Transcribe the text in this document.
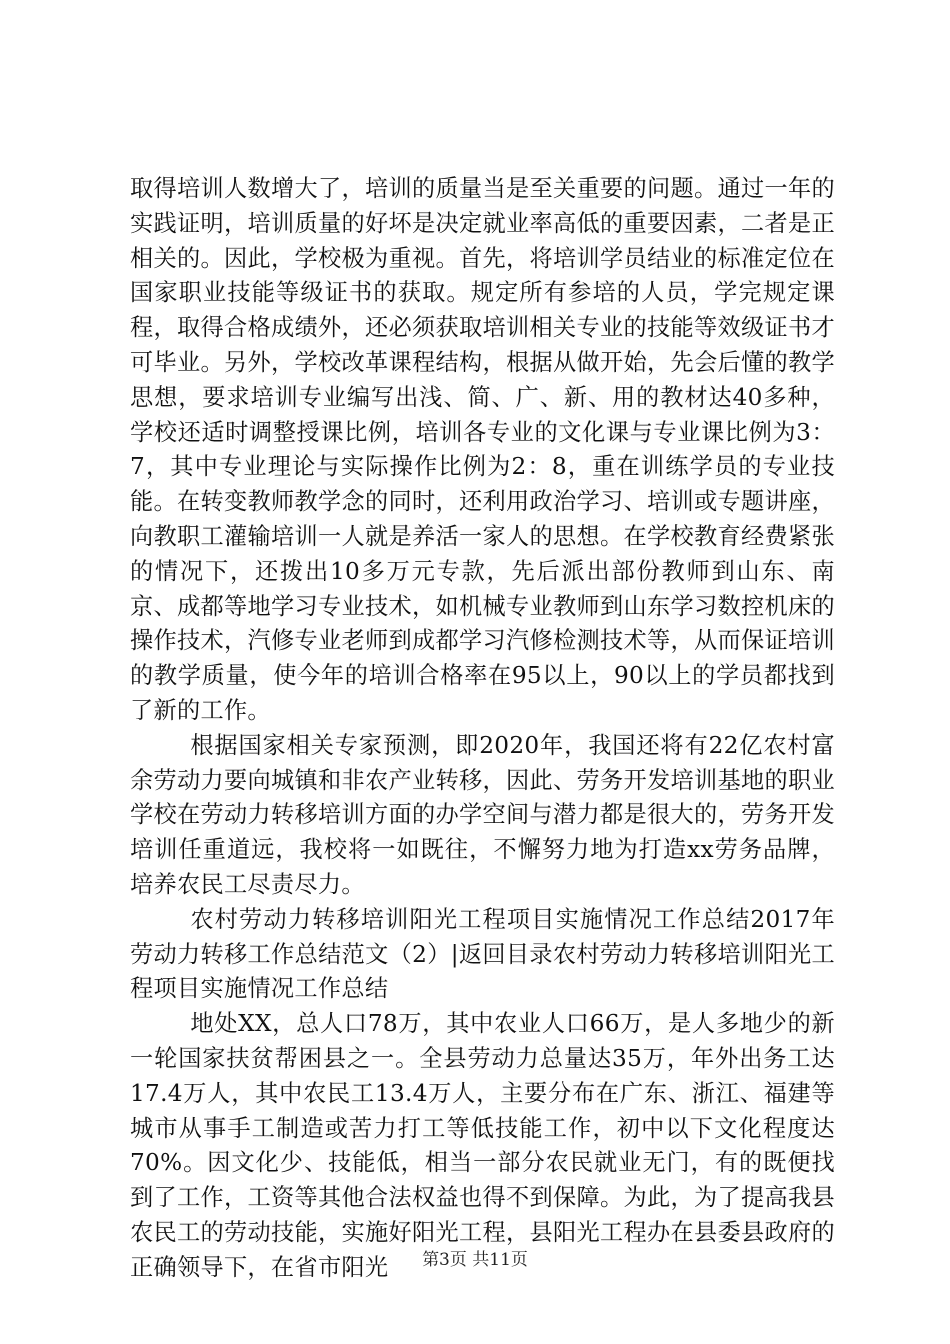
取得培训人数增大了，培训的质量当是至关重要的问题。通过一年的实践证明，培训质量的好坏是决定就业率高低的重要因素，二者是正相关的。因此，学校极为重视。首先，将培训学员结业的标准定位在国家职业技能等级证书的获取。规定所有参培的人员，学完规定课程，取得合格成绩外，还必须获取培训相关专业的技能等效级证书才可毕业。另外，学校改革课程结构，根据从做开始，先会后懂的教学思想，要求培训专业编写出浅、简、广、新、用的教材达40多种，学校还适时调整授课比例，培训各专业的文化课与专业课比例为3：7，其中专业理论与实际操作比例为2：8，重在训练学员的专业技能。在转变教师教学念的同时，还利用政治学习、培训或专题讲座，向教职工灌输培训一人就是养活一家人的思想。在学校教育经费紧张的情况下，还拨出10多万元专款，先后派出部份教师到山东、南京、成都等地学习专业技术，如机械专业教师到山东学习数控机床的操作技术，汽修专业老师到成都学习汽修检测技术等，从而保证培训的教学质量，使今年的培训合格率在95以上，90以上的学员都找到了新的工作。

根据国家相关专家预测，即2020年，我国还将有22亿农村富余劳动力要向城镇和非农产业转移，因此、劳务开发培训基地的职业学校在劳动力转移培训方面的办学空间与潜力都是很大的，劳务开发培训任重道远，我校将一如既往，不懈努力地为打造xx劳务品牌，培养农民工尽责尽力。

农村劳动力转移培训阳光工程项目实施情况工作总结2017年劳动力转移工作总结范文（2）|返回目录农村劳动力转移培训阳光工程项目实施情况工作总结

地处XX，总人口78万，其中农业人口66万，是人多地少的新一轮国家扶贫帮困县之一。全县劳动力总量达35万，年外出务工达17.4万人，其中农民工13.4万人，主要分布在广东、浙江、福建等城市从事手工制造或苦力打工等低技能工作，初中以下文化程度达70%。因文化少、技能低，相当一部分农民就业无门，有的既便找到了工作，工资等其他合法权益也得不到保障。为此，为了提高我县农民工的劳动技能，实施好阳光工程，县阳光工程办在县委县政府的正确领导下，在省市阳光	第3页 共11页
